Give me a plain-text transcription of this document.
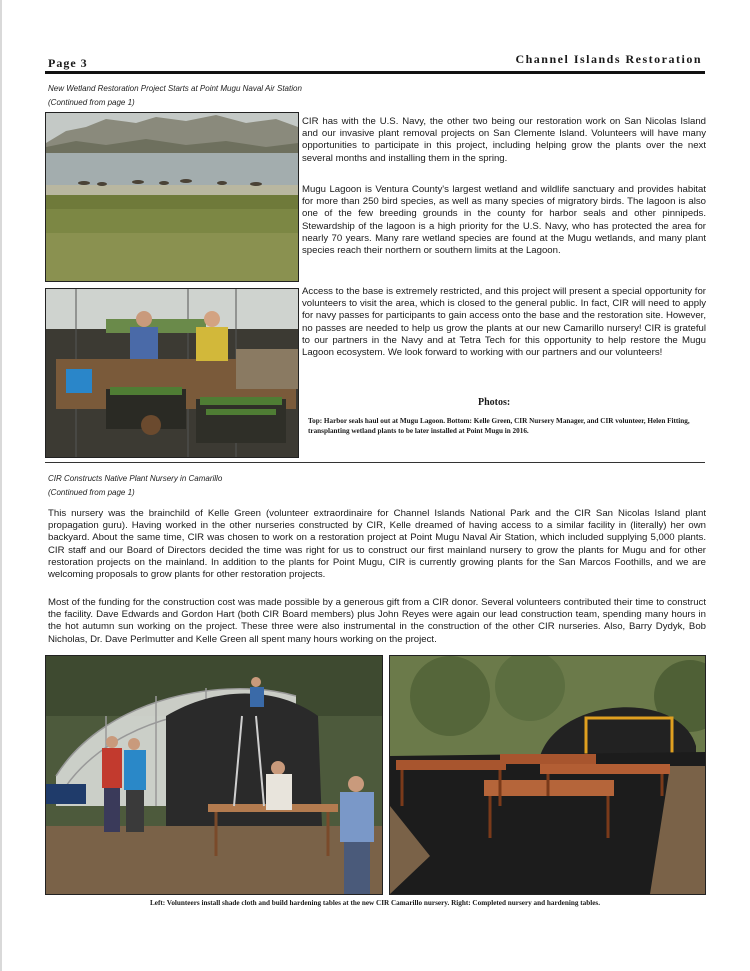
Page 3	Channel Islands Restoration
New Wetland Restoration Project Starts at Point Mugu Naval Air Station
(Continued from page 1)

CIR has with the U.S. Navy, the other two being our restoration work on San Nicolas Island and our invasive plant removal projects on San Clemente Island. Volunteers will have many opportunities to participate in this project, including helping grow the plants over the next several months and installing them in the spring.

Mugu Lagoon is Ventura County's largest wetland and wildlife sanctuary and provides habitat for more than 250 bird species, as well as many species of migratory birds. The lagoon is also one of the few breeding grounds in the county for harbor seals and other pinnipeds. Stewardship of the lagoon is a high priority for the U.S. Navy, who has protected the area for nearly 70 years. Many rare wetland species are found at the Mugu wetlands, and many plant species reach their northern or southern limits at the Lagoon.

Access to the base is extremely restricted, and this project will present a special opportunity for volunteers to visit the area, which is closed to the general public. In fact, CIR will need to apply for navy passes for participants to gain access onto the base and the restoration site. However, no passes are needed to help us grow the plants at our new Camarillo nursery! CIR is grateful to our partners in the Navy and at Tetra Tech for this opportunity to help restore the Mugu Lagoon ecosystem. We look forward to working with our partners and our volunteers!

Photos:
Top: Harbor seals haul out at Mugu Lagoon. Bottom: Kelle Green, CIR Nursery Manager, and CIR volunteer, Helen Fitting, transplanting wetland plants to be later installed at Point Mugu in 2016.
CIR Constructs Native Plant Nursery in Camarillo
(Continued from page 1)

This nursery was the brainchild of Kelle Green (volunteer extraordinaire for Channel Islands National Park and the CIR San Nicolas Island plant propagation guru). Having worked in the other nurseries constructed by CIR, Kelle dreamed of having access to a similar facility in (literally) her own backyard. About the same time, CIR was chosen to work on a restoration project at Point Mugu Naval Air Station, which included supplying 5,000 plants. CIR staff and our Board of Directors decided the time was right for us to construct our first mainland nursery to grow the plants for Mugu and for other restoration projects on the mainland. In addition to the plants for Point Mugu, CIR is currently growing plants for the San Marcos Foothills, and we are welcoming proposals to grow plants for other restoration projects.

Most of the funding for the construction cost was made possible by a generous gift from a CIR donor. Several volunteers contributed their time to construct the facility. Dave Edwards and Gordon Hart (both CIR Board members) plus John Reyes were again our lead construction team, spending many hours in the hot autumn sun working on the project. These three were also instrumental in the construction of the other CIR nurseries. Also, Barry Dydyk, Bob Nicholas, Dr. Dave Perlmutter and Kelle Green all spent many hours working on the project.

Left: Volunteers install shade cloth and build hardening tables at the new CIR Camarillo nursery. Right: Completed nursery and hardening tables.
